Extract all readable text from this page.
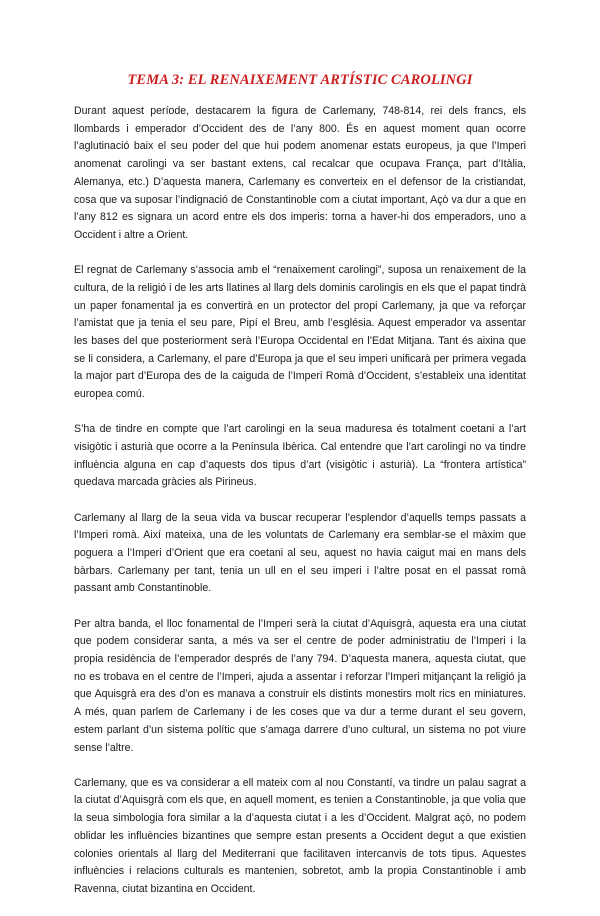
TEMA 3: EL RENAIXEMENT ARTÍSTIC CAROLINGI

Durant aquest període, destacarem la figura de Carlemany, 748-814, rei dels francs, els llombards i emperador d’Occident des de l’any 800. És en aquest moment quan ocorre l’aglutinació baix el seu poder del que hui podem anomenar estats europeus, ja que l’Imperi anomenat carolingi va ser bastant extens, cal recalcar que ocupava França, part d’Itàlia, Alemanya, etc.) D’aquesta manera, Carlemany es converteix en el defensor de la cristiandat, cosa que va suposar l’indignació de Constantinoble com a ciutat important, Açò va dur a que en l’any 812 es signara un acord entre els dos imperis: torna a haver-hi dos emperadors, uno a Occident i altre a Orient.

El regnat de Carlemany s’associa amb el “renaixement carolingi”, suposa un renaixement de la cultura, de la religió i de les arts llatines al llarg dels dominis carolingis en els que el papat tindrà un paper fonamental ja es convertirà en un protector del propi Carlemany, ja que va reforçar l’amistat que ja tenia el seu pare, Pipí el Breu, amb l’església. Aquest emperador va assentar les bases del que posteriorment serà l’Europa Occidental en l’Edat Mitjana. Tant és aixina que se li considera, a Carlemany, el pare d’Europa ja que el seu imperi unificarà per primera vegada la major part d’Europa des de la caiguda de l’Imperi Romà d’Occident, s’estableix una identitat europea comú.

S’ha de tindre en compte que l’art carolingi en la seua maduresa és totalment coetani a l’art visigòtic i asturià que ocorre a la Península Ibèrica. Cal entendre que l’art carolingi no va tindre influència alguna en cap d’aquests dos tipus d’art (visigòtic i asturià). La “frontera artística” quedava marcada gràcies als Pirineus.

Carlemany al llarg de la seua vida va buscar recuperar l’esplendor d’aquells temps passats a l’Imperi romà. Així mateixa, una de les voluntats de Carlemany era semblar-se el màxim que poguera a l’Imperi d’Orient que era coetani al seu, aquest no havia caigut mai en mans dels bàrbars. Carlemany per tant, tenia un ull en el seu imperi i l’altre posat en el passat romà passant amb Constantinoble.

Per altra banda, el lloc fonamental de l’Imperi serà la ciutat d’Aquisgrà, aquesta era una ciutat que podem considerar santa, a més va ser el centre de poder administratiu de l’Imperi i la propia residència de l’emperador després de l’any 794. D’aquesta manera, aquesta ciutat, que no es trobava en el centre de l’Imperi, ajuda a assentar i reforzar l’Imperi mitjançant la religió ja que Aquisgrà era des d’on es manava a construir els distints monestirs molt rics en miniatures. A més, quan parlem de Carlemany i de les coses que va dur a terme durant el seu govern, estem parlant d’un sistema polític que s’amaga darrere d’uno cultural, un sistema no pot viure sense l’altre.

Carlemany, que es va considerar a ell mateix com al nou Constantí, va tindre un palau sagrat a la ciutat d’Aquisgrà com els que, en aquell moment, es tenien a Constantinoble, ja que volia que la seua simbologia fora similar a la d’aquesta ciutat i a les d’Occident. Malgrat açò, no podem oblidar les influències bizantines que sempre estan presents a Occident degut a que existien colonies orientals al llarg del Mediterrani que facilitaven intercanvis de tots tipus. Aquestes influències i relacions culturals es mantenien, sobretot, amb la propia Constantinoble i amb Ravenna, ciutat bizantina en Occident.
